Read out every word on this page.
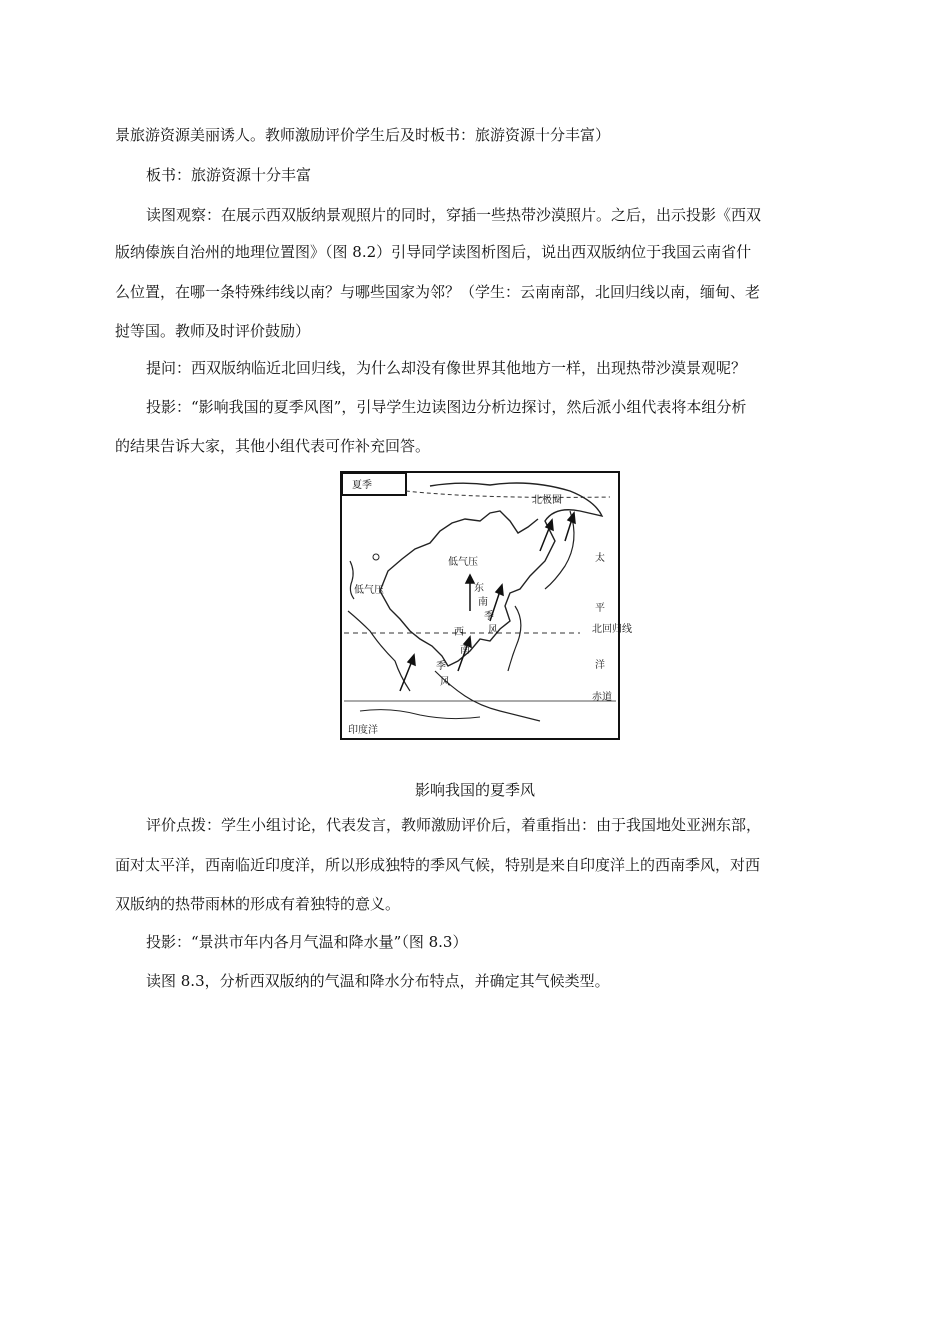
景旅游资源美丽诱人。教师激励评价学生后及时板书：旅游资源十分丰富）
板书：旅游资源十分丰富
读图观察：在展示西双版纳景观照片的同时，穿插一些热带沙漠照片。之后，出示投影《西双
版纳傣族自治州的地理位置图》（图 8.2）引导同学读图析图后，说出西双版纳位于我国云南省什
么位置，在哪一条特殊纬线以南？与哪些国家为邻？（学生：云南南部，北回归线以南，缅甸、老
挝等国。教师及时评价鼓励）
提问：西双版纳临近北回归线，为什么却没有像世界其他地方一样，出现热带沙漠景观呢？
投影：“影响我国的夏季风图”，引导学生边读图边分析边探讨，然后派小组代表将本组分析
的结果告诉大家，其他小组代表可作补充回答。
夏季
北极圈
北回归线
赤道
低气压
低气压
太
平
洋
印度洋
东
南
季
风
西
南
季
风
影响我国的夏季风
评价点拨：学生小组讨论，代表发言，教师激励评价后，着重指出：由于我国地处亚洲东部，
面对太平洋，西南临近印度洋，所以形成独特的季风气候，特别是来自印度洋上的西南季风，对西
双版纳的热带雨林的形成有着独特的意义。
投影：“景洪市年内各月气温和降水量”（图 8.3）
读图 8.3，分析西双版纳的气温和降水分布特点，并确定其气候类型。
